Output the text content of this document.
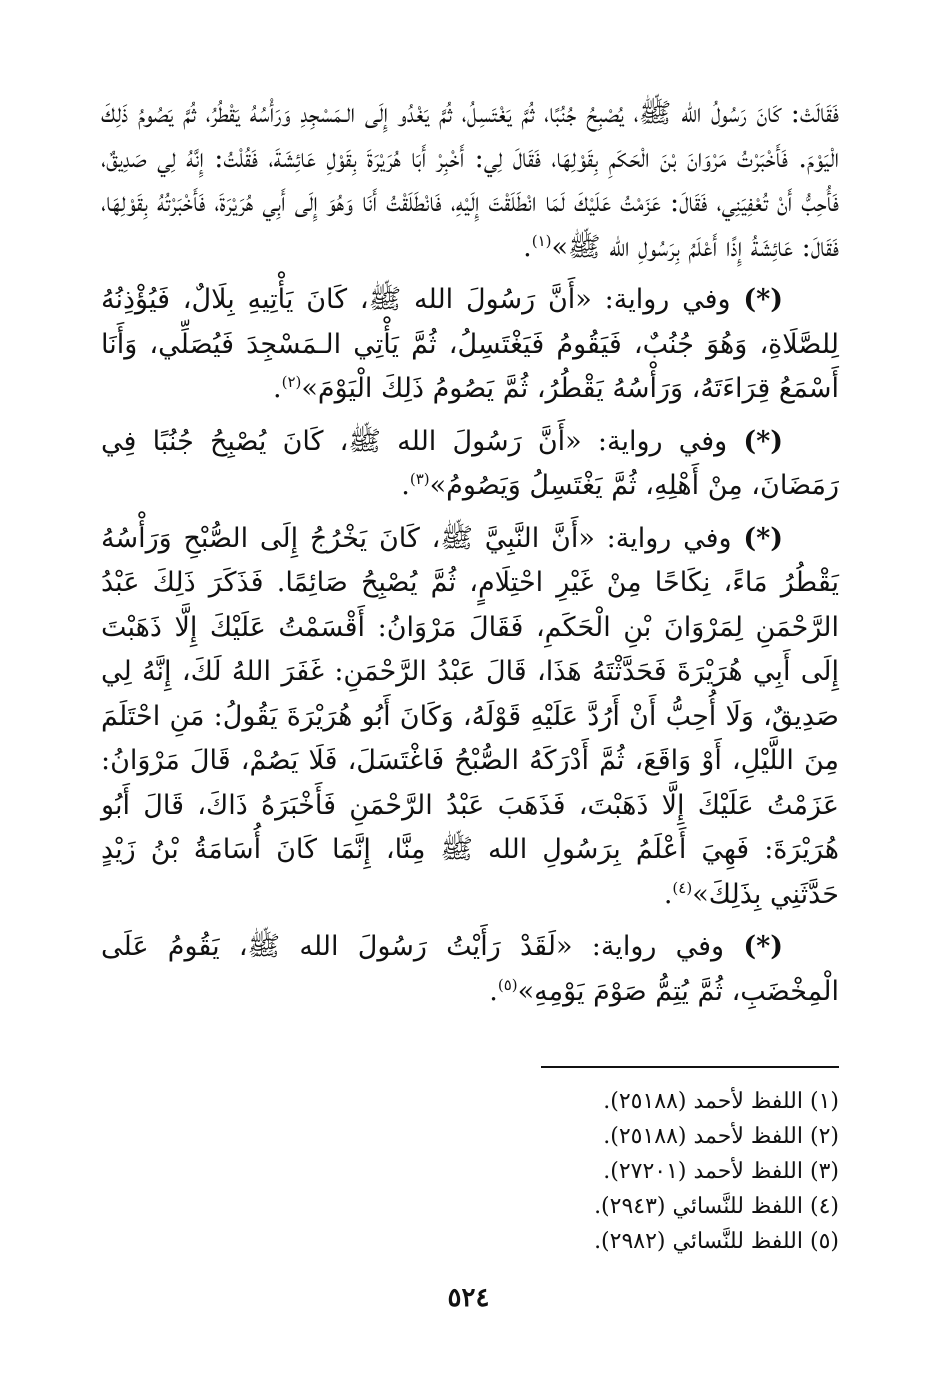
فَقَالَتْ: كَانَ رَسُولُ الله ﷺ، يُصْبِحُ جُنُبًا، ثُمَّ يَغْتَسِلُ، ثُمَّ يَغْدُو إِلَى الـمَسْجِدِ وَرَأْسُهُ يَقْطُرُ، ثُمَّ يَصُومُ ذَلِكَ الْيَوْمَ. فَأَخْبَرْتُ مَرْوَانَ بْنَ الْحَكَمِ بِقَوْلِهَا، فَقَالَ لِي: أَخْبِرْ أَبَا هُرَيْرَةَ بِقَوْلِ عَائِشَةَ، فَقُلْتُ: إِنَّهُ لِي صَدِيقٌ، فَأُحِبُّ أَنْ تُعْفِيَنِي، فَقَالَ: عَزَمْتُ عَلَيْكَ لَمَا انْطَلَقْتَ إِلَيْهِ، فَانْطَلَقْتُ أَنَا وَهُوَ إِلَى أَبِي هُرَيْرَةَ، فَأَخْبَرْتُهُ بِقَوْلِهَا، فَقَالَ: عَائِشَةُ إِذًا أَعْلَمُ بِرَسُولِ الله ﷺ»$^{(١)}$.

(*) وفي رواية: «أَنَّ رَسُولَ الله ﷺ، كَانَ يَأْتِيهِ بِلَالٌ، فَيُؤْذِنُهُ لِلصَّلَاةِ، وَهُوَ جُنُبٌ، فَيَقُومُ فَيَغْتَسِلُ، ثُمَّ يَأْتِي الـمَسْجِدَ فَيُصَلِّي، وَأَنَا أَسْمَعُ قِرَاءَتَهُ، وَرَأْسُهُ يَقْطُرُ، ثُمَّ يَصُومُ ذَلِكَ الْيَوْمَ»$^{(٢)}$.

(*) وفي رواية: «أَنَّ رَسُولَ الله ﷺ، كَانَ يُصْبِحُ جُنُبًا فِي رَمَضَانَ، مِنْ أَهْلِهِ، ثُمَّ يَغْتَسِلُ وَيَصُومُ»$^{(٣)}$.

(*) وفي رواية: «أَنَّ النَّبِيَّ ﷺ، كَانَ يَخْرُجُ إِلَى الصُّبْحِ وَرَأْسُهُ يَقْطُرُ مَاءً، نِكَاحًا مِنْ غَيْرِ احْتِلَامٍ، ثُمَّ يُصْبِحُ صَائِمًا. فَذَكَرَ ذَلِكَ عَبْدُ الرَّحْمَنِ لِمَرْوَانَ بْنِ الْحَكَمِ، فَقَالَ مَرْوَانُ: أَقْسَمْتُ عَلَيْكَ إِلَّا ذَهَبْتَ إِلَى أَبِي هُرَيْرَةَ فَحَدَّثْتَهُ هَذَا، قَالَ عَبْدُ الرَّحْمَنِ: غَفَرَ اللهُ لَكَ، إِنَّهُ لِي صَدِيقٌ، وَلَا أُحِبُّ أَنْ أَرُدَّ عَلَيْهِ قَوْلَهُ، وَكَانَ أَبُو هُرَيْرَةَ يَقُولُ: مَنِ احْتَلَمَ مِنَ اللَّيْلِ، أَوْ وَاقَعَ، ثُمَّ أَدْرَكَهُ الصُّبْحُ فَاغْتَسَلَ، فَلَا يَصُمْ، قَالَ مَرْوَانُ: عَزَمْتُ عَلَيْكَ إِلَّا ذَهَبْتَ، فَذَهَبَ عَبْدُ الرَّحْمَنِ فَأَخْبَرَهُ ذَاكَ، قَالَ أَبُو هُرَيْرَةَ: فَهِيَ أَعْلَمُ بِرَسُولِ الله ﷺ مِنَّا، إِنَّمَا كَانَ أُسَامَةُ بْنُ زَيْدٍ حَدَّثَنِي بِذَلِكَ»$^{(٤)}$.

(*) وفي رواية: «لَقَدْ رَأَيْتُ رَسُولَ الله ﷺ، يَقُومُ عَلَى الْمِخْضَبِ، ثُمَّ يُتِمُّ صَوْمَ يَوْمِهِ»$^{(٥)}$.

(١) اللفظ لأحمد (٢٥١٨٨).
(٢) اللفظ لأحمد (٢٥١٨٨).
(٣) اللفظ لأحمد (٢٧٢٠١).
(٤) اللفظ للنَّسائي (٢٩٤٣).
(٥) اللفظ للنَّسائي (٢٩٨٢).
٥٢٤
